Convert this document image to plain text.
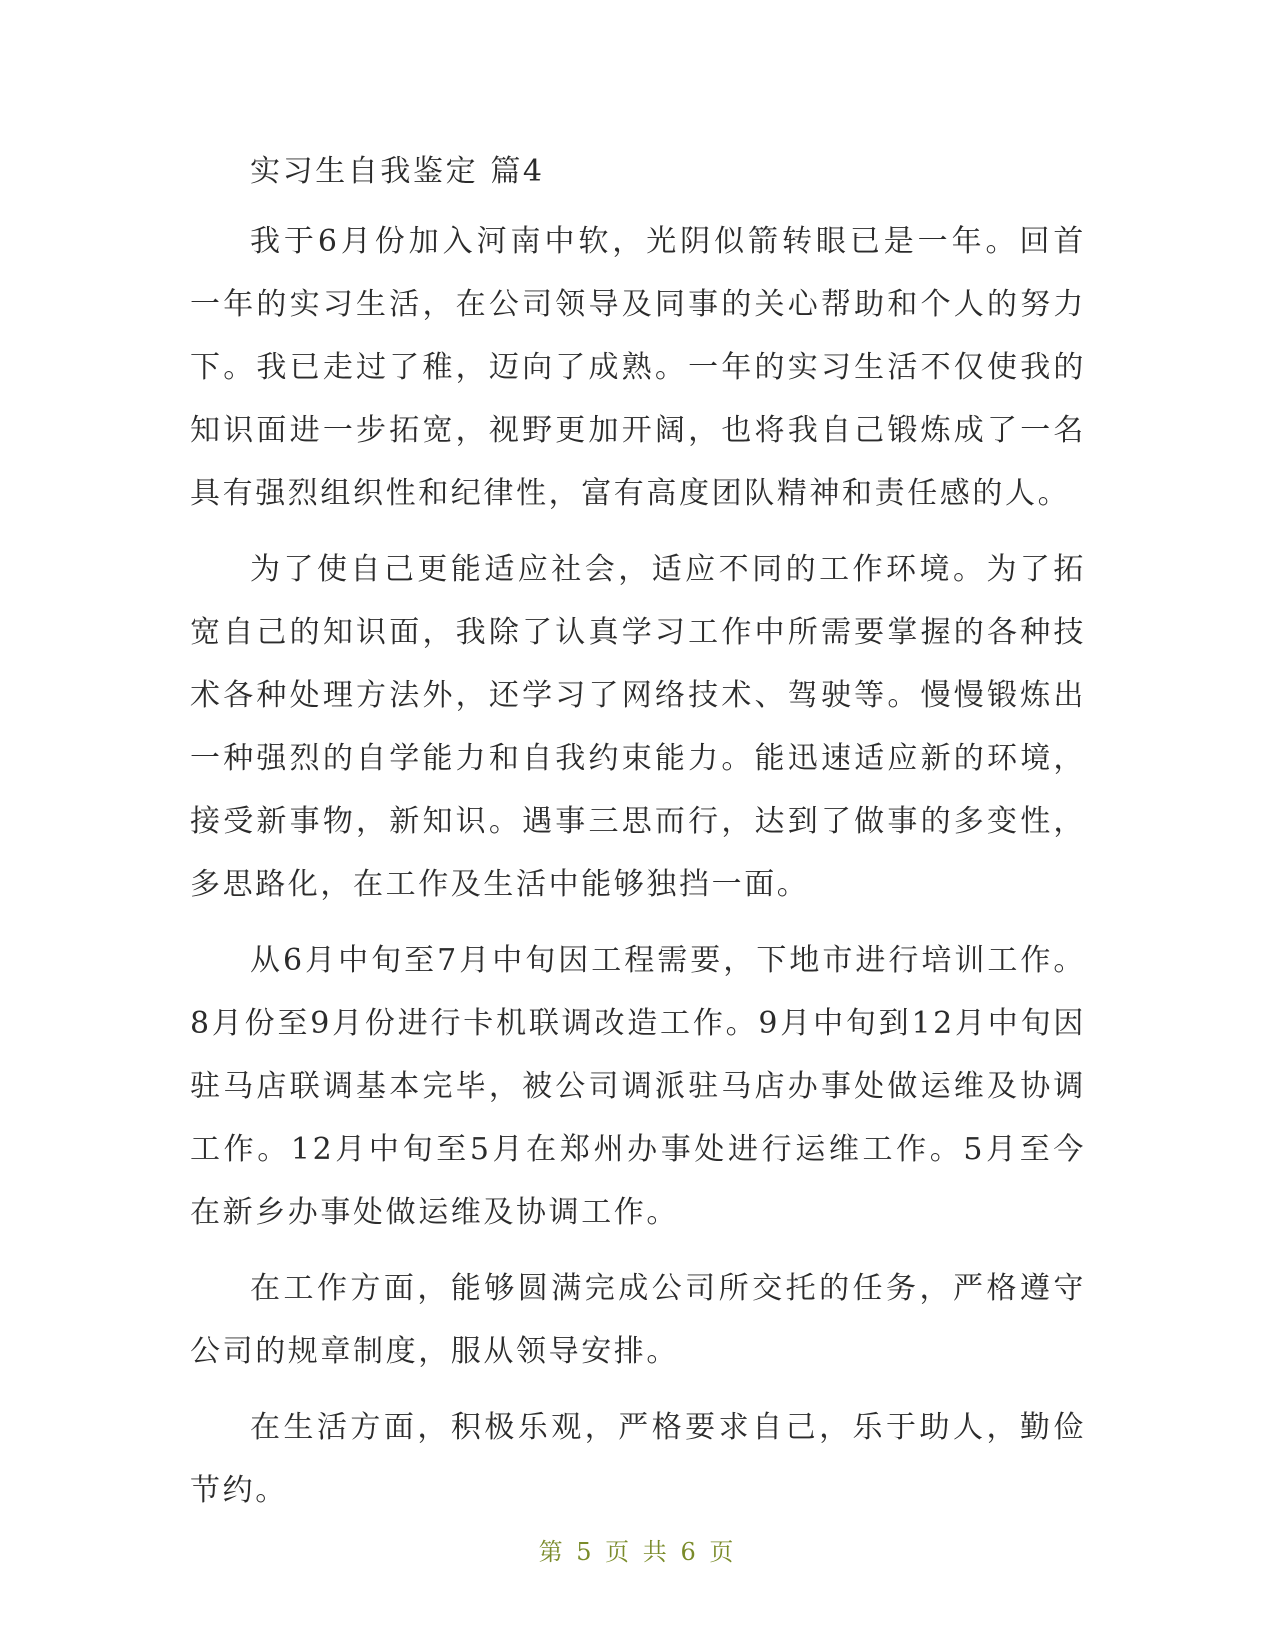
实习生自我鉴定 篇4

我于6月份加入河南中软，光阴似箭转眼已是一年。回首一年的实习生活，在公司领导及同事的关心帮助和个人的努力下。我已走过了稚，迈向了成熟。一年的实习生活不仅使我的知识面进一步拓宽，视野更加开阔，也将我自己锻炼成了一名具有强烈组织性和纪律性，富有高度团队精神和责任感的人。

为了使自己更能适应社会，适应不同的工作环境。为了拓宽自己的知识面，我除了认真学习工作中所需要掌握的各种技术各种处理方法外，还学习了网络技术、驾驶等。慢慢锻炼出一种强烈的自学能力和自我约束能力。能迅速适应新的环境，接受新事物，新知识。遇事三思而行，达到了做事的多变性，多思路化，在工作及生活中能够独挡一面。

从6月中旬至7月中旬因工程需要，下地市进行培训工作。8月份至9月份进行卡机联调改造工作。9月中旬到12月中旬因驻马店联调基本完毕，被公司调派驻马店办事处做运维及协调工作。12月中旬至5月在郑州办事处进行运维工作。5月至今在新乡办事处做运维及协调工作。

在工作方面，能够圆满完成公司所交托的任务，严格遵守公司的规章制度，服从领导安排。

在生活方面，积极乐观，严格要求自己，乐于助人，勤俭节约。

第 5 页 共 6 页
